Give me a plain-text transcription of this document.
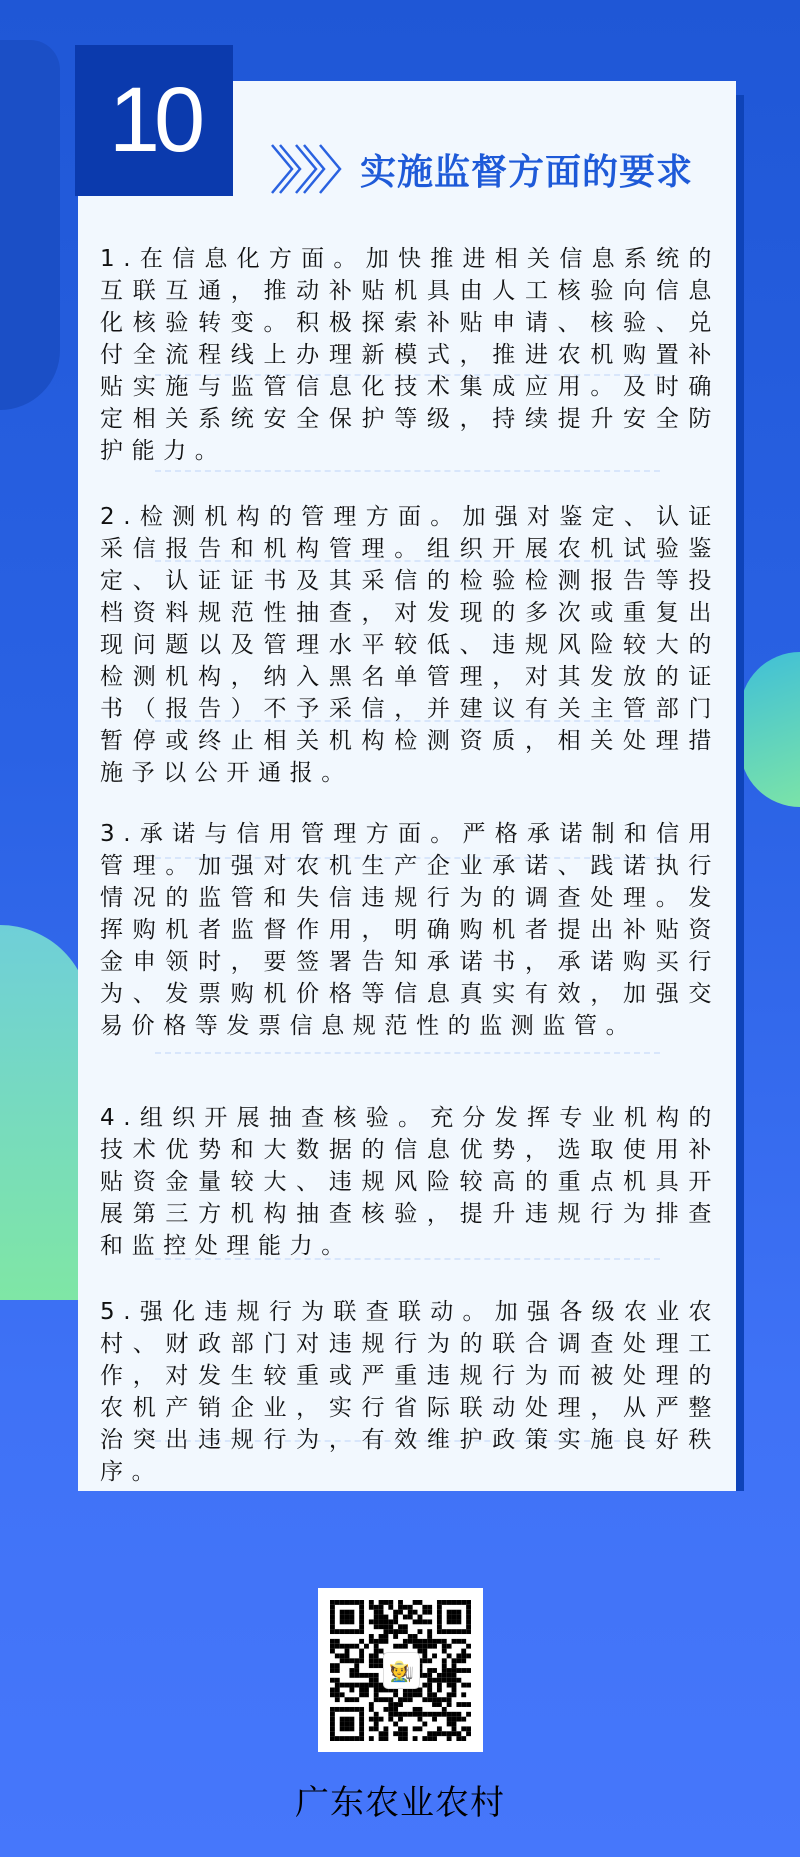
10
实施监督方面的要求

1.在信息化方面。加快推进相关信息系统的互联互通，推动补贴机具由人工核验向信息化核验转变。积极探索补贴申请、核验、兑付全流程线上办理新模式，推进农机购置补贴实施与监管信息化技术集成应用。及时确定相关系统安全保护等级，持续提升安全防护能力。

2.检测机构的管理方面。加强对鉴定、认证采信报告和机构管理。组织开展农机试验鉴定、认证证书及其采信的检验检测报告等投档资料规范性抽查，对发现的多次或重复出现问题以及管理水平较低、违规风险较大的检测机构，纳入黑名单管理，对其发放的证书（报告）不予采信，并建议有关主管部门暂停或终止相关机构检测资质，相关处理措施予以公开通报。

3.承诺与信用管理方面。严格承诺制和信用管理。加强对农机生产企业承诺、践诺执行情况的监管和失信违规行为的调查处理。发挥购机者监督作用，明确购机者提出补贴资金申领时，要签署告知承诺书，承诺购买行为、发票购机价格等信息真实有效，加强交易价格等发票信息规范性的监测监管。

4.组织开展抽查核验。充分发挥专业机构的技术优势和大数据的信息优势，选取使用补贴资金量较大、违规风险较高的重点机具开展第三方机构抽查核验，提升违规行为排查和监控处理能力。

5.强化违规行为联查联动。加强各级农业农村、财政部门对违规行为的联合调查处理工作，对发生较重或严重违规行为而被处理的农机产销企业，实行省际联动处理，从严整治突出违规行为，有效维护政策实施良好秩序。

🧑‍🌾
广东农业农村
